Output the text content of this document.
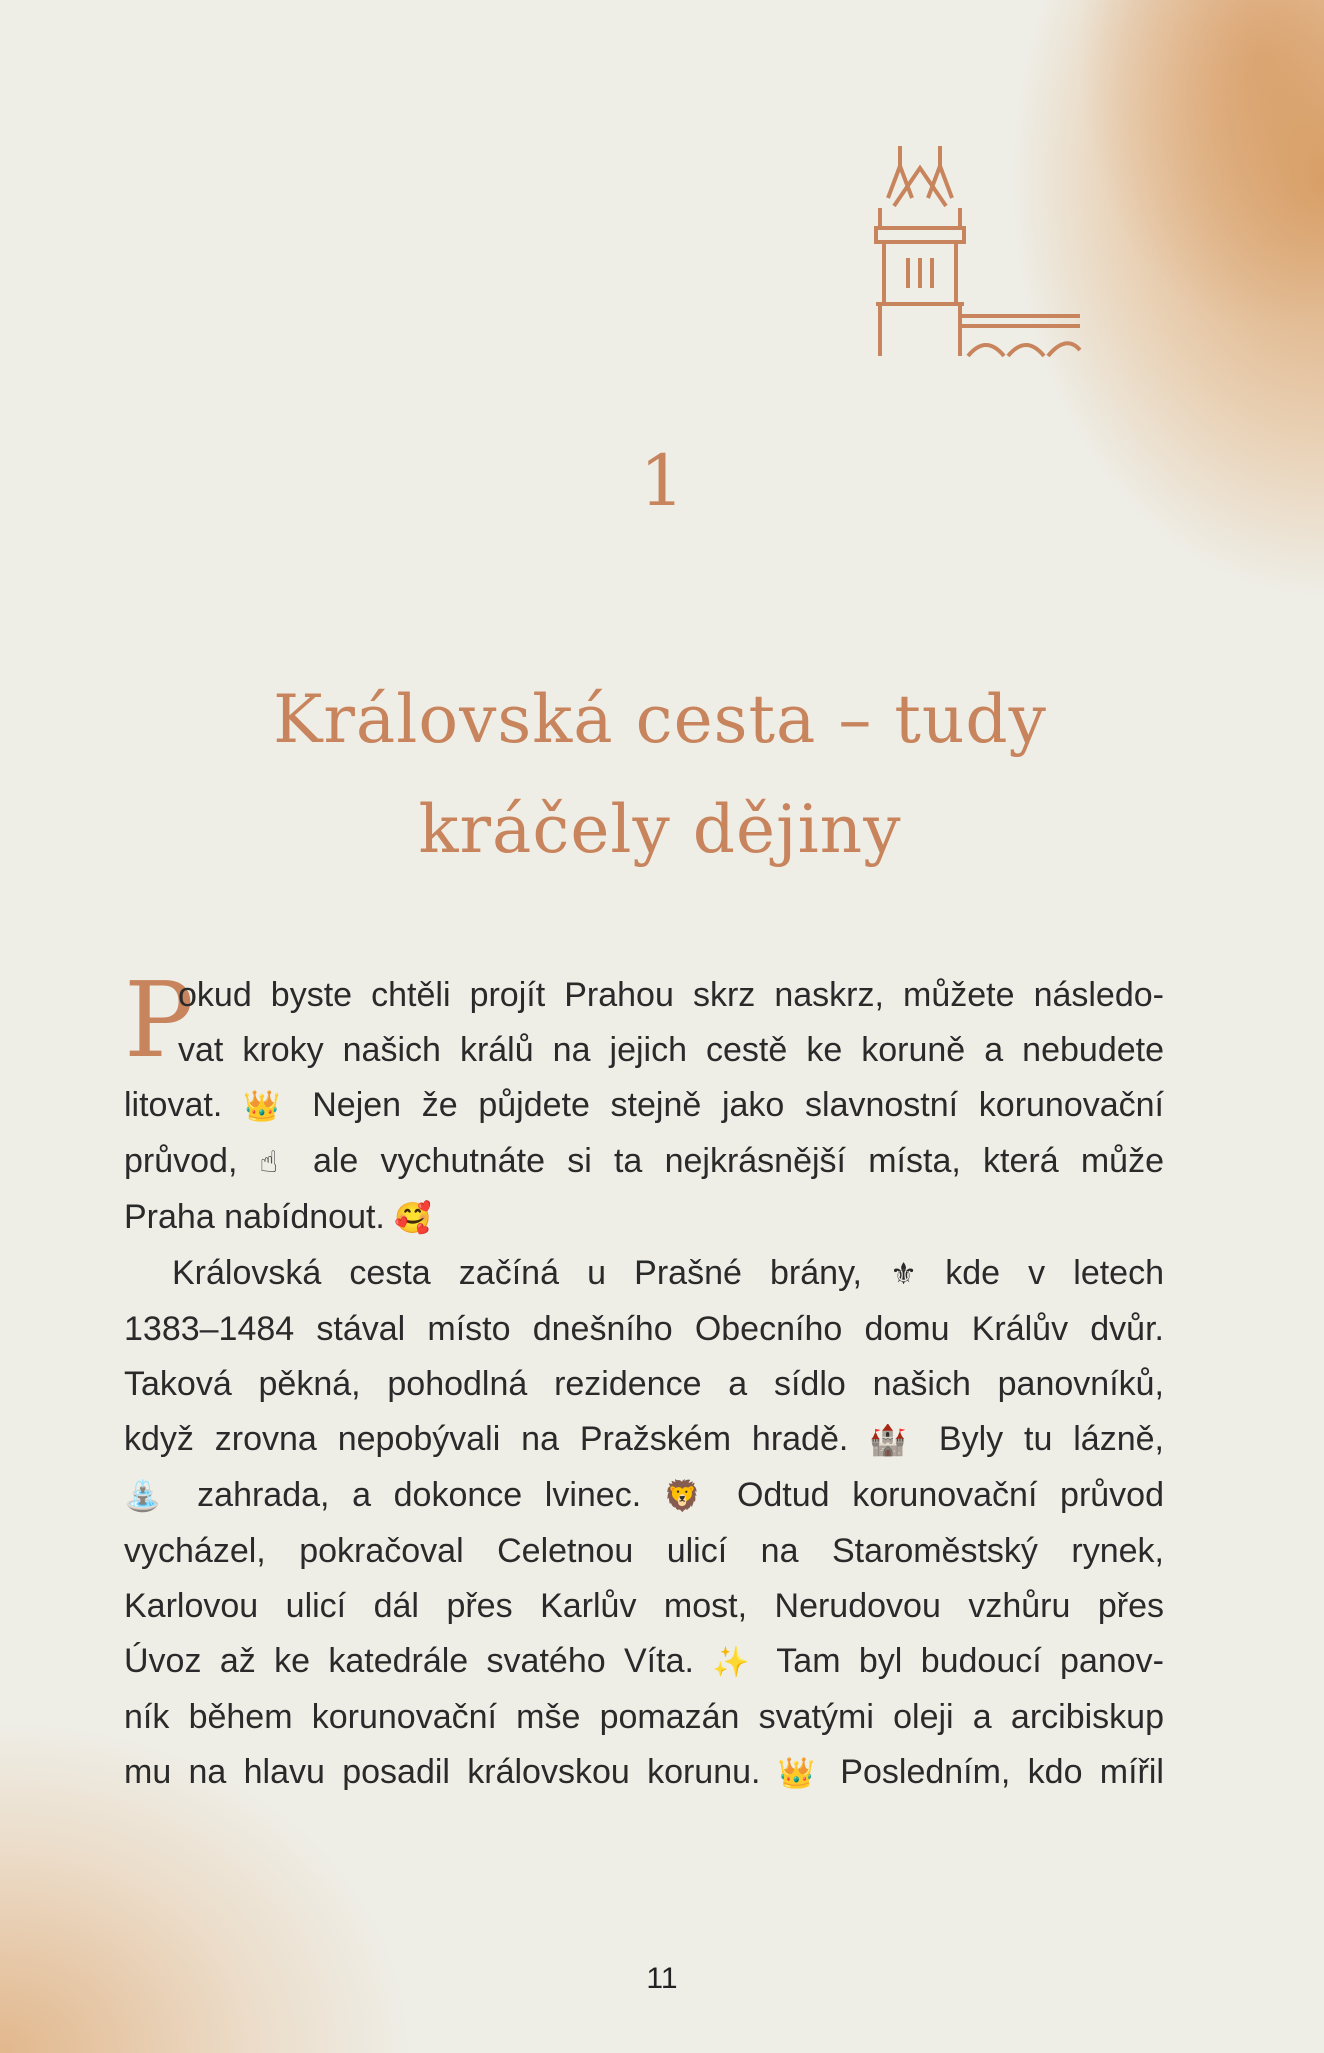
1
Královská cesta – tudy
kráčely dějiny
P
okud byste chtěli projít Prahou skrz naskrz, můžete následo-
vat kroky našich králů na jejich cestě ke koruně a nebudete
litovat. 👑 Nejen že půjdete stejně jako slavnostní korunovační
průvod, ☝ ale vychutnáte si ta nejkrásnější místa, která může
Praha nabídnout. 🥰
Královská cesta začíná u Prašné brány, ⚜ kde v letech
1383–1484 stával místo dnešního Obecního domu Králův dvůr.
Taková pěkná, pohodlná rezidence a sídlo našich panovníků,
když zrovna nepobývali na Pražském hradě. 🏰 Byly tu lázně,
⛲ zahrada, a dokonce lvinec. 🦁 Odtud korunovační průvod
vycházel, pokračoval Celetnou ulicí na Staroměstský rynek,
Karlovou ulicí dál přes Karlův most, Nerudovou vzhůru přes
Úvoz až ke katedrále svatého Víta. ✨ Tam byl budoucí panov-
ník během korunovační mše pomazán svatými oleji a arcibiskup
mu na hlavu posadil královskou korunu. 👑 Posledním, kdo mířil
11
